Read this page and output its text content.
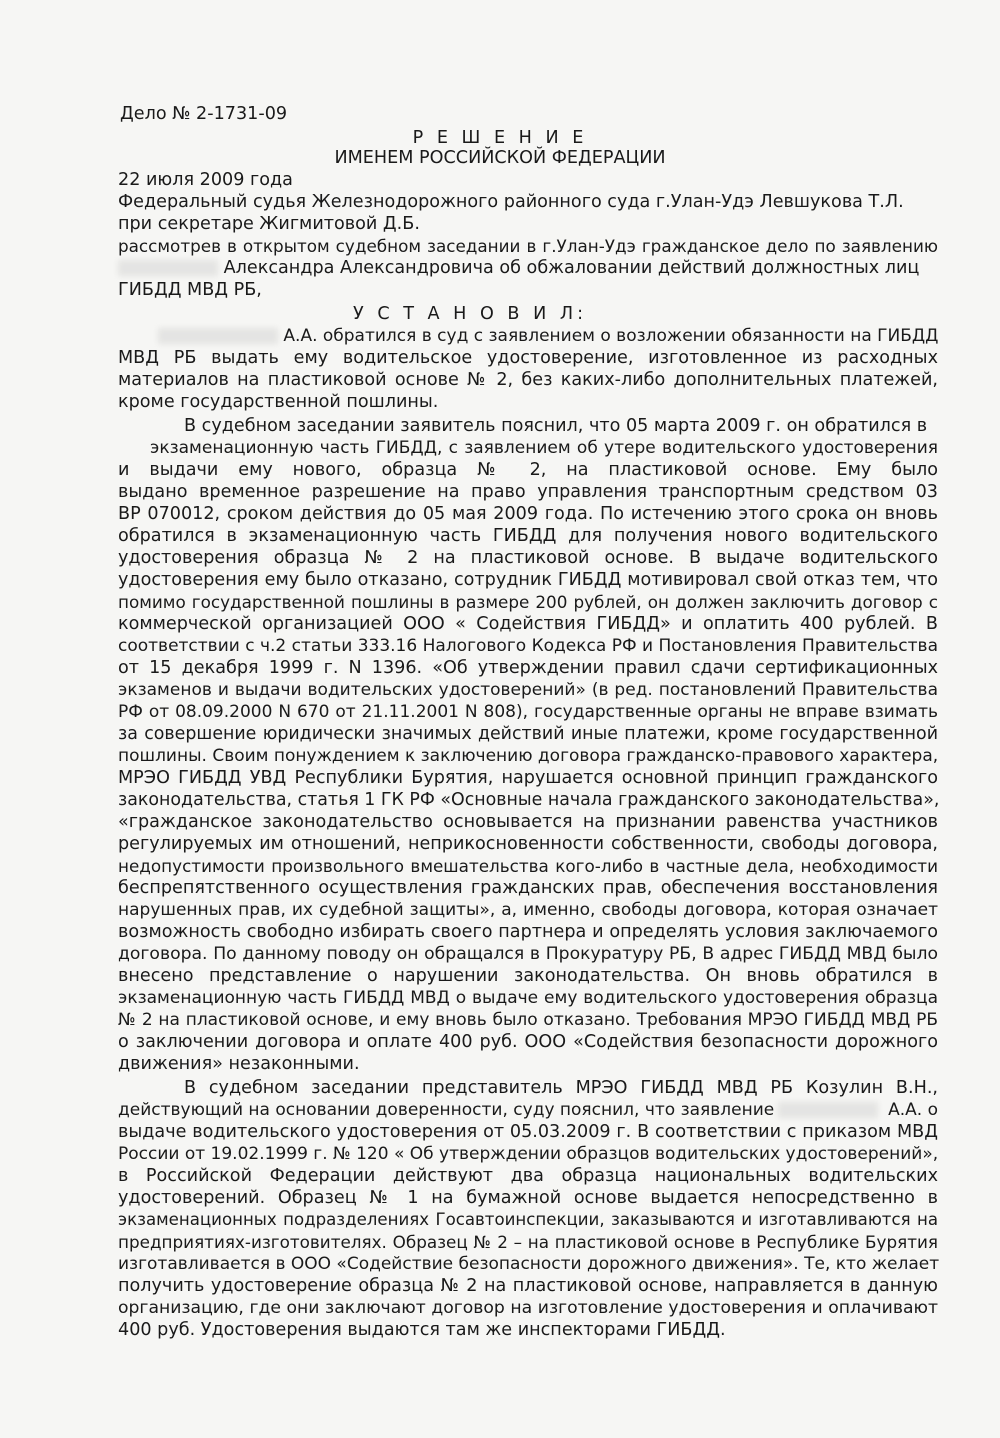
Дело № 2-1731-09
Р Е Ш Е Н И Е
ИМЕНЕМ РОССИЙСКОЙ ФЕДЕРАЦИИ
22 июля 2009 года
Федеральный судья Железнодорожного районного суда г.Улан-Удэ Левшукова Т.Л.
при секретаре Жигмитовой Д.Б.
рассмотрев в открытом судебном заседании в г.Улан-Удэ гражданское дело по заявлению
Александра Александровича об обжаловании действий должностных лиц
ГИБДД МВД РБ,
У С Т А Н О В И Л:
А.А. обратился в суд с заявлением о возложении обязанности на ГИБДД
МВД РБ выдать ему водительское удостоверение, изготовленное из расходных
материалов на пластиковой основе № 2, без каких-либо дополнительных платежей,
кроме государственной пошлины.
В судебном заседании заявитель пояснил, что 05 марта 2009 г. он обратился в
экзаменационную часть ГИБДД, с заявлением об утере водительского удостоверения
и выдачи ему нового, образца № 2, на пластиковой основе. Ему было
выдано временное разрешение на право управления транспортным средством 03
ВР 070012, сроком действия до 05 мая 2009 года. По истечению этого срока он вновь
обратился в экзаменационную часть ГИБДД для получения нового водительского
удостоверения образца № 2 на пластиковой основе. В выдаче водительского
удостоверения ему было отказано, сотрудник ГИБДД мотивировал свой отказ тем, что
помимо государственной пошлины в размере 200 рублей, он должен заключить договор с
коммерческой организацией ООО « Содействия ГИБДД» и оплатить 400 рублей. В
соответствии с ч.2 статьи 333.16 Налогового Кодекса РФ и Постановления Правительства
от 15 декабря 1999 г. N 1396. «Об утверждении правил сдачи сертификационных
экзаменов и выдачи водительских удостоверений» (в ред. постановлений Правительства
РФ от 08.09.2000 N 670 от 21.11.2001 N 808), государственные органы не вправе взимать
за совершение юридически значимых действий иные платежи, кроме государственной
пошлины. Своим понуждением к заключению договора гражданско-правового характера,
МРЭО ГИБДД УВД Республики Бурятия, нарушается основной принцип гражданского
законодательства, статья 1 ГК РФ «Основные начала гражданского законодательства»,
«гражданское законодательство основывается на признании равенства участников
регулируемых им отношений, неприкосновенности собственности, свободы договора,
недопустимости произвольного вмешательства кого-либо в частные дела, необходимости
беспрепятственного осуществления гражданских прав, обеспечения восстановления
нарушенных прав, их судебной защиты», а, именно, свободы договора, которая означает
возможность свободно избирать своего партнера и определять условия заключаемого
договора. По данному поводу он обращался в Прокуратуру РБ, В адрес ГИБДД МВД было
внесено представление о нарушении законодательства. Он вновь обратился в
экзаменационную часть ГИБДД МВД о выдаче ему водительского удостоверения образца
№ 2 на пластиковой основе, и ему вновь было отказано. Требования МРЭО ГИБДД МВД РБ
о заключении договора и оплате 400 руб. ООО «Содействия безопасности дорожного
движения» незаконными.
В судебном заседании представитель МРЭО ГИБДД МВД РБ Козулин В.Н.,
действующий на основании доверенности, суду пояснил, что заявление	А.А. о
выдаче водительского удостоверения от 05.03.2009 г. В соответствии с приказом МВД
России от 19.02.1999 г. № 120 « Об утверждении образцов водительских удостоверений»,
в Российской Федерации действуют два образца национальных водительских
удостоверений. Образец № 1 на бумажной основе выдается непосредственно в
экзаменационных подразделениях Госавтоинспекции, заказываются и изготавливаются на
предприятиях-изготовителях. Образец № 2 – на пластиковой основе в Республике Бурятия
изготавливается в ООО «Содействие безопасности дорожного движения». Те, кто желает
получить удостоверение образца № 2 на пластиковой основе, направляется в данную
организацию, где они заключают договор на изготовление удостоверения и оплачивают
400 руб. Удостоверения выдаются там же инспекторами ГИБДД.
